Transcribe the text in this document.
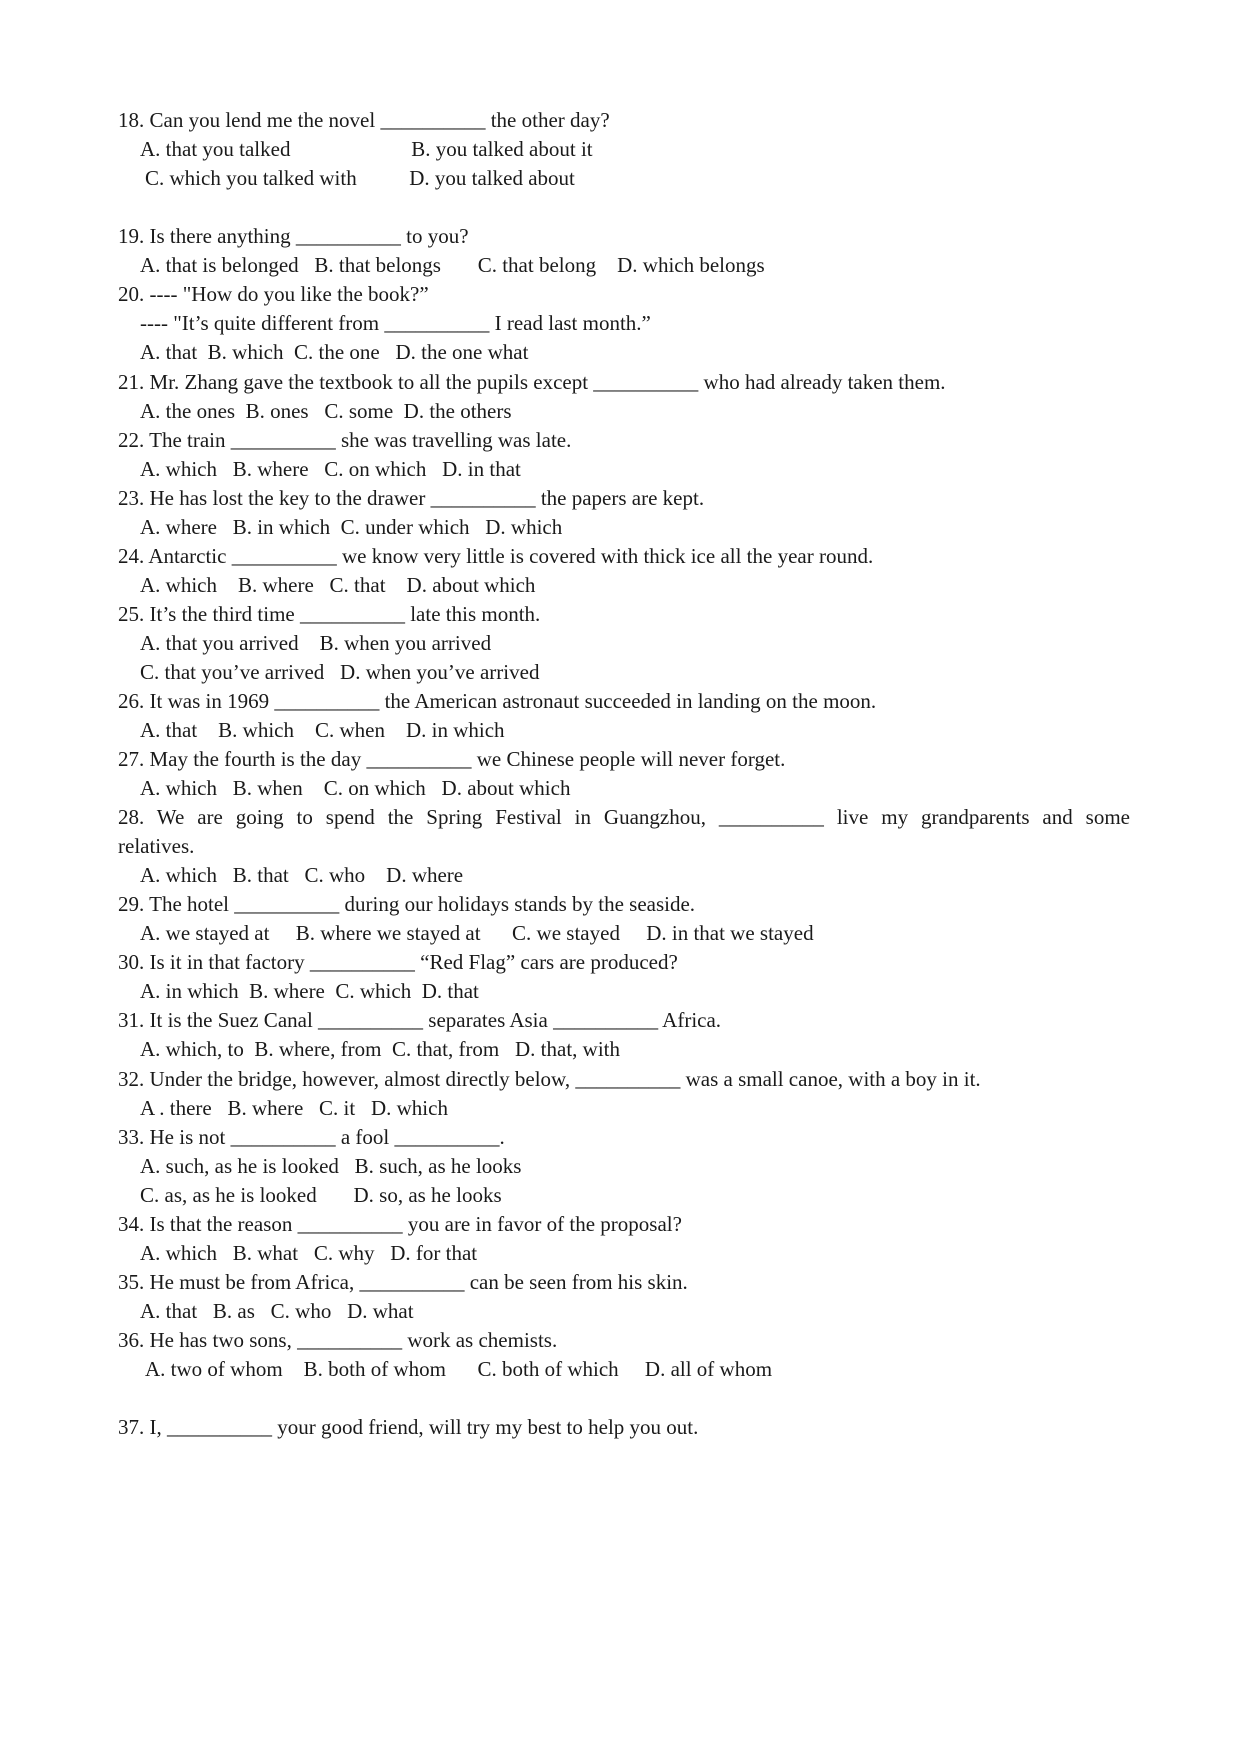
18. Can you lend me the novel __________ the other day?

A. that you talked                       B. you talked about it

C. which you talked with          D. you talked about

19. Is there anything __________ to you?

A. that is belonged   B. that belongs       C. that belong    D. which belongs

20. ---- "How do you like the book?”

---- "It’s quite different from __________ I read last month.”

A. that  B. which  C. the one   D. the one what

21. Mr. Zhang gave the textbook to all the pupils except __________ who had already taken them.

A. the ones  B. ones   C. some  D. the others

22. The train __________ she was travelling was late.

A. which   B. where   C. on which   D. in that

23. He has lost the key to the drawer __________ the papers are kept.

A. where   B. in which  C. under which   D. which

24. Antarctic __________ we know very little is covered with thick ice all the year round.

A. which    B. where   C. that    D. about which

25. It’s the third time __________ late this month.

A. that you arrived    B. when you arrived

C. that you’ve arrived   D. when you’ve arrived

26. It was in 1969 __________ the American astronaut succeeded in landing on the moon.

A. that    B. which    C. when    D. in which

27. May the fourth is the day __________ we Chinese people will never forget.

A. which   B. when    C. on which   D. about which

28. We are going to spend the Spring Festival in Guangzhou, __________ live my grandparents and some

relatives.

A. which   B. that   C. who    D. where

29. The hotel __________ during our holidays stands by the seaside.

A. we stayed at     B. where we stayed at      C. we stayed     D. in that we stayed

30. Is it in that factory __________ “Red Flag” cars are produced?

A. in which  B. where  C. which  D. that

31. It is the Suez Canal __________ separates Asia __________ Africa.

A. which, to  B. where, from  C. that, from   D. that, with

32. Under the bridge, however, almost directly below, __________ was a small canoe, with a boy in it.

A . there   B. where   C. it   D. which

33. He is not __________ a fool __________.

A. such, as he is looked   B. such, as he looks

C. as, as he is looked       D. so, as he looks

34. Is that the reason __________ you are in favor of the proposal?

A. which   B. what   C. why   D. for that

35. He must be from Africa, __________ can be seen from his skin.

A. that   B. as   C. who   D. what

36. He has two sons, __________ work as chemists.

A. two of whom    B. both of whom      C. both of which     D. all of whom

37. I, __________ your good friend, will try my best to help you out.
